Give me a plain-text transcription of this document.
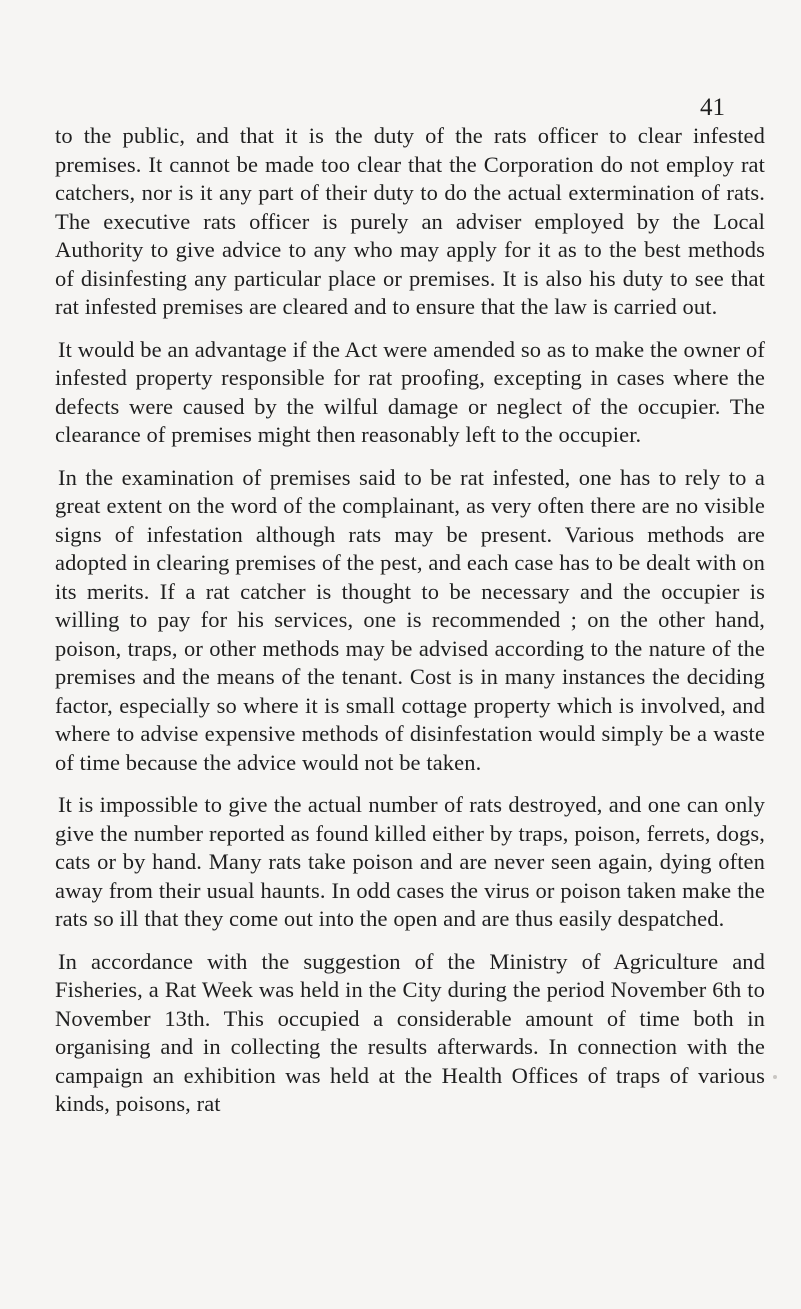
41

to the public, and that it is the duty of the rats officer to clear infested premises. It cannot be made too clear that the Corporation do not employ rat catchers, nor is it any part of their duty to do the actual extermination of rats. The executive rats officer is purely an adviser employed by the Local Authority to give advice to any who may apply for it as to the best methods of disinfesting any particular place or premises. It is also his duty to see that rat infested premises are cleared and to ensure that the law is carried out.

It would be an advantage if the Act were amended so as to make the owner of infested property responsible for rat proofing, excepting in cases where the defects were caused by the wilful damage or neglect of the occupier. The clearance of premises might then reasonably left to the occupier.

In the examination of premises said to be rat infested, one has to rely to a great extent on the word of the complainant, as very often there are no visible signs of infestation although rats may be present. Various methods are adopted in clearing premises of the pest, and each case has to be dealt with on its merits. If a rat catcher is thought to be necessary and the occupier is willing to pay for his services, one is recommended ; on the other hand, poison, traps, or other methods may be advised according to the nature of the premises and the means of the tenant. Cost is in many instances the deciding factor, especially so where it is small cottage property which is involved, and where to advise expensive methods of disinfestation would simply be a waste of time because the advice would not be taken.

It is impossible to give the actual number of rats destroyed, and one can only give the number reported as found killed either by traps, poison, ferrets, dogs, cats or by hand. Many rats take poison and are never seen again, dying often away from their usual haunts. In odd cases the virus or poison taken make the rats so ill that they come out into the open and are thus easily despatched.

In accordance with the suggestion of the Ministry of Agriculture and Fisheries, a Rat Week was held in the City during the period November 6th to November 13th. This occupied a considerable amount of time both in organising and in collecting the results afterwards. In connection with the campaign an exhibition was held at the Health Offices of traps of various kinds, poisons, rat
